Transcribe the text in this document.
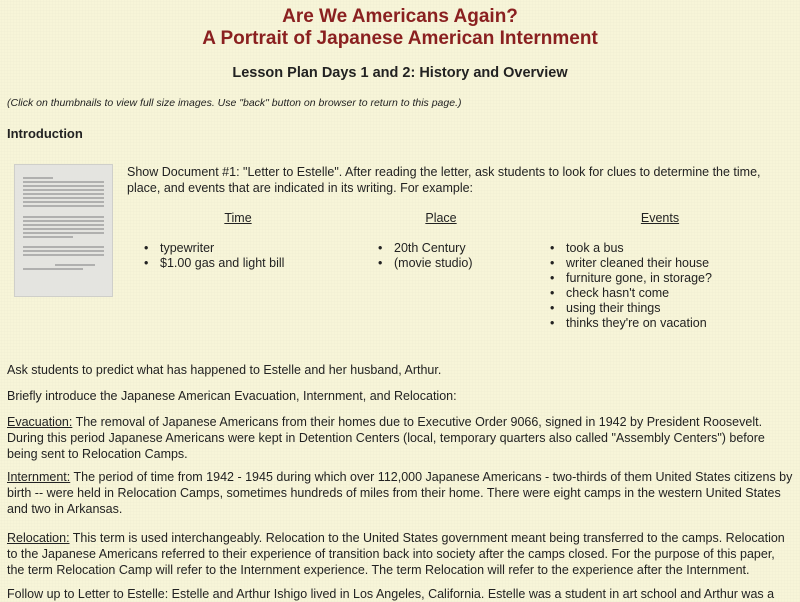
Are We Americans Again?
A Portrait of Japanese American Internment
Lesson Plan Days 1 and 2: History and Overview
(Click on thumbnails to view full size images. Use "back" button on browser to return to this page.)
Introduction
Show Document #1: "Letter to Estelle". After reading the letter, ask students to look for clues to determine the time, place, and events that are indicated in its writing. For example:
Time
• typewriter
• $1.00 gas and light bill
Place
• 20th Century
• (movie studio)
Events
• took a bus
• writer cleaned their house
• furniture gone, in storage?
• check hasn't come
• using their things
• thinks they're on vacation
Ask students to predict what has happened to Estelle and her husband, Arthur.
Briefly introduce the Japanese American Evacuation, Internment, and Relocation:
Evacuation: The removal of Japanese Americans from their homes due to Executive Order 9066, signed in 1942 by President Roosevelt. During this period Japanese Americans were kept in Detention Centers (local, temporary quarters also called "Assembly Centers") before being sent to Relocation Camps.
Internment: The period of time from 1942 - 1945 during which over 112,000 Japanese Americans - two-thirds of them United States citizens by birth -- were held in Relocation Camps, sometimes hundreds of miles from their home. There were eight camps in the western United States and two in Arkansas.
Relocation: This term is used interchangeably. Relocation to the United States government meant being transferred to the camps. Relocation to the Japanese Americans referred to their experience of transition back into society after the camps closed. For the purpose of this paper, the term Relocation Camp will refer to the Internment experience. The term Relocation will refer to the experience after the Internment.
Follow up to Letter to Estelle: Estelle and Arthur Ishigo lived in Los Angeles, California. Estelle was a student in art school and Arthur was a
